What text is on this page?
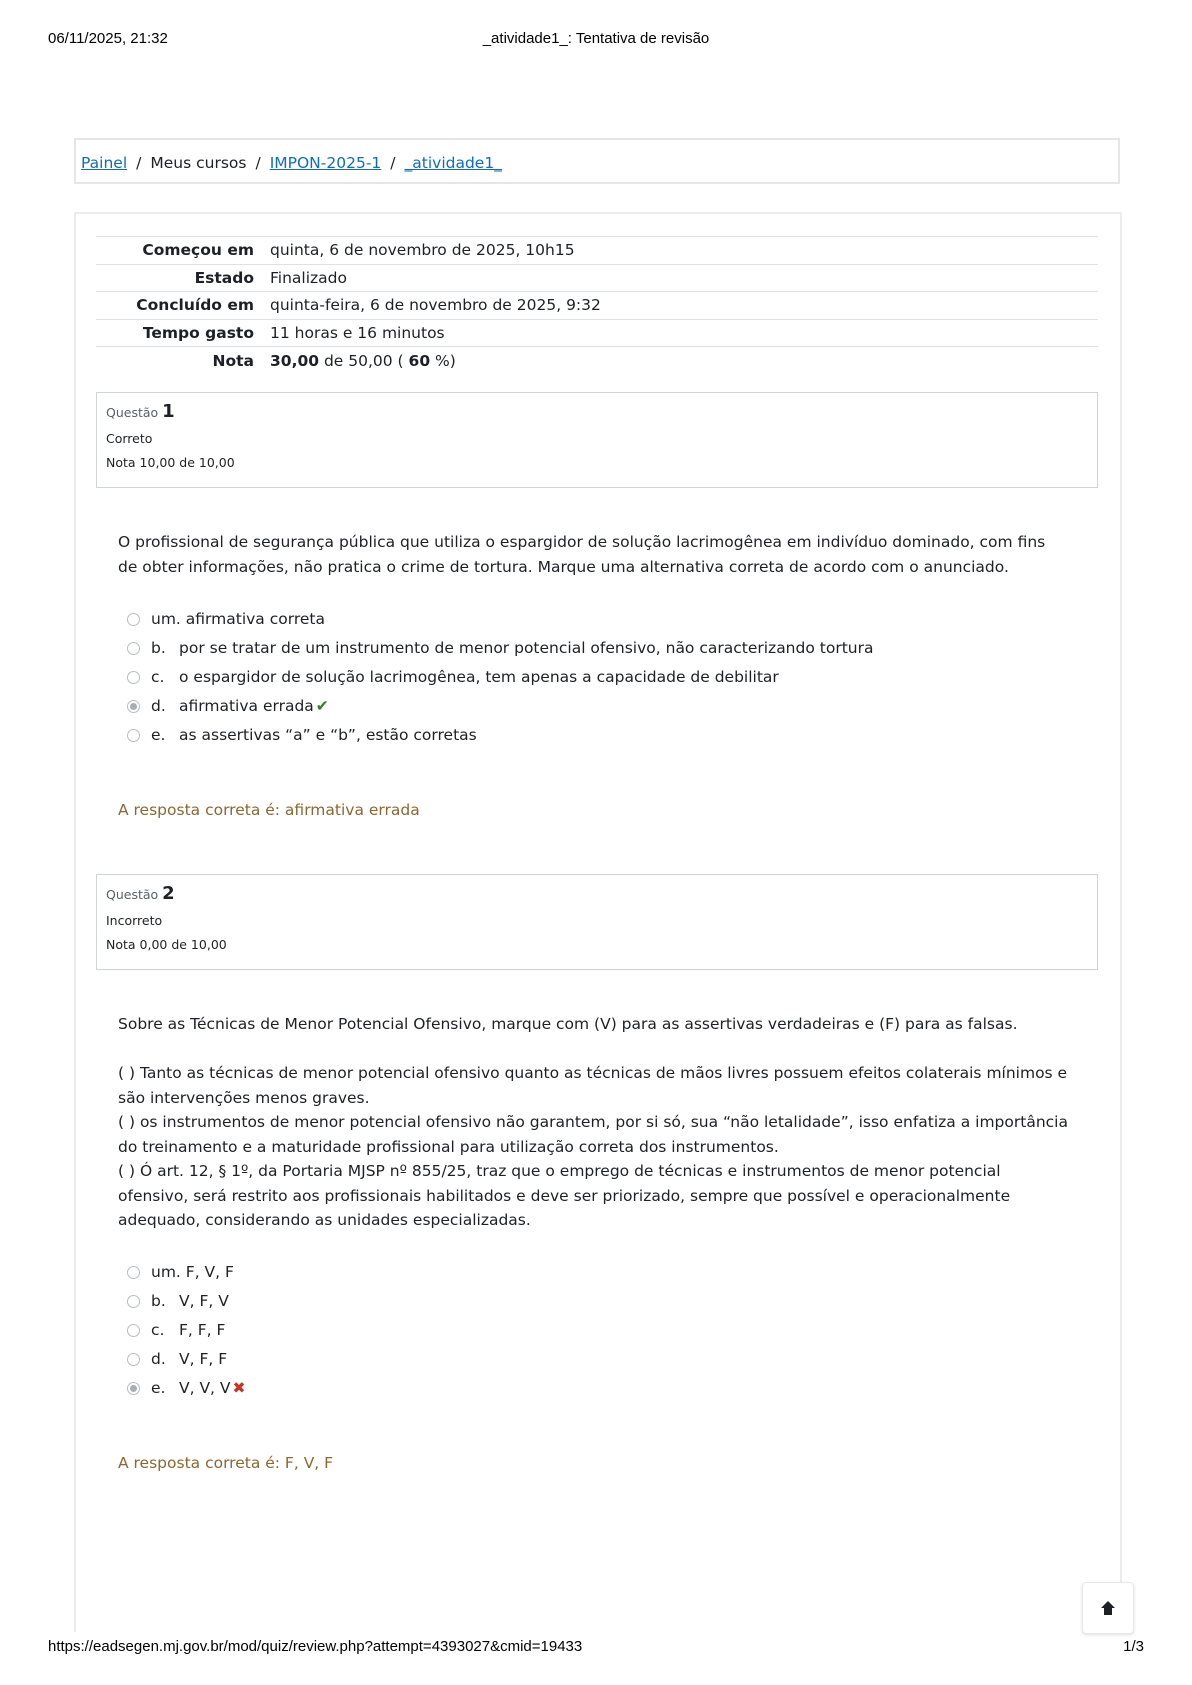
06/11/2025, 21:32	_atividade1_: Tentativa de revisão
Painel / Meus cursos / IMPON-2025-1 / _atividade1_
Começou em	quinta, 6 de novembro de 2025, 10h15
Estado	Finalizado
Concluído em	quinta-feira, 6 de novembro de 2025, 9:32
Tempo gasto	11 horas e 16 minutos
Nota	30,00 de 50,00 ( 60 %)
Questão 1
Correto
Nota 10,00 de 10,00
O profissional de segurança pública que utiliza o espargidor de solução lacrimogênea em indivíduo dominado, com fins de obter informações, não pratica o crime de tortura. Marque uma alternativa correta de acordo com o anunciado.
um. afirmativa correta
b. por se tratar de um instrumento de menor potencial ofensivo, não caracterizando tortura
c. o espargidor de solução lacrimogênea, tem apenas a capacidade de debilitar
d. afirmativa errada ✔
e. as assertivas “a” e “b”, estão corretas
A resposta correta é: afirmativa errada
Questão 2
Incorreto
Nota 0,00 de 10,00
Sobre as Técnicas de Menor Potencial Ofensivo, marque com (V) para as assertivas verdadeiras e (F) para as falsas.
( ) Tanto as técnicas de menor potencial ofensivo quanto as técnicas de mãos livres possuem efeitos colaterais mínimos e são intervenções menos graves.
( ) os instrumentos de menor potencial ofensivo não garantem, por si só, sua “não letalidade”, isso enfatiza a importância do treinamento e a maturidade profissional para utilização correta dos instrumentos.
( ) Ó art. 12, § 1º, da Portaria MJSP nº 855/25, traz que o emprego de técnicas e instrumentos de menor potencial ofensivo, será restrito aos profissionais habilitados e deve ser priorizado, sempre que possível e operacionalmente adequado, considerando as unidades especializadas.
um. F, V, F
b. V, F, V
c. F, F, F
d. V, F, F
e. V, V, V ✖
A resposta correta é: F, V, F
https://eadsegen.mj.gov.br/mod/quiz/review.php?attempt=4393027&cmid=19433	1/3
